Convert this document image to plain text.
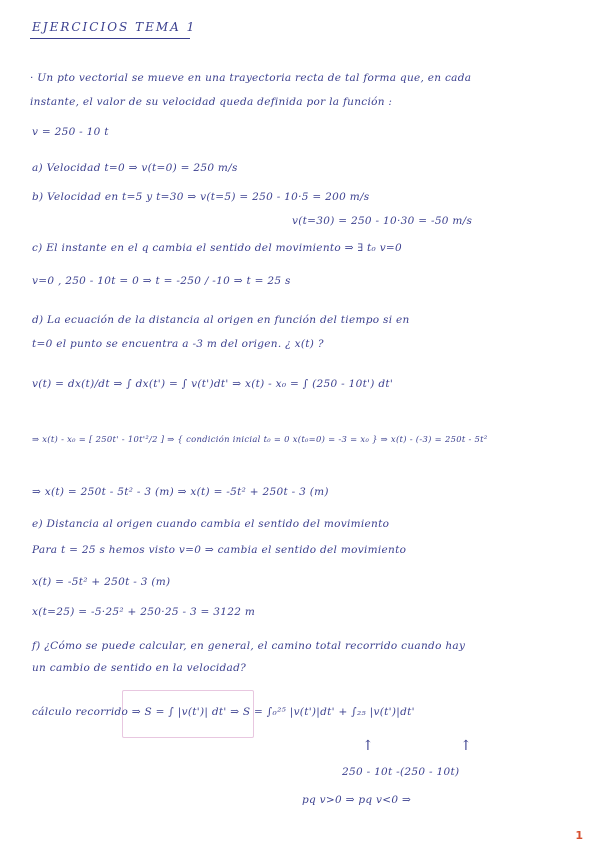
EJERCICIOS TEMA 1
· Un pto vectorial se mueve en una trayectoria recta de tal forma que, en cada
instante, el valor de su velocidad queda definida por la función :
v = 250 - 10 t
a) Velocidad t=0 ⇒ v(t=0) = 250 m/s
b) Velocidad en t=5 y t=30 ⇒ v(t=5) = 250 - 10·5 = 200 m/s
v(t=30) = 250 - 10·30 = -50 m/s
c) El instante en el q cambia el sentido del movimiento ⇒ ∃ t₀ v=0
v=0 , 250 - 10t = 0 ⇒ t = -250 / -10 ⇒ t = 25 s
d) La ecuación de la distancia al origen en función del tiempo si en
t=0 el punto se encuentra a -3 m del origen. ¿ x(t) ?
v(t) = dx(t)/dt ⇒ ∫ dx(t') = ∫ v(t')dt' ⇒ x(t) - x₀ = ∫ (250 - 10t') dt'
⇒ x(t) - x₀ = [ 250t' - 10t'²/2 ] ⇒ { condición inicial t₀ = 0 x(t₀=0) = -3 = x₀ } ⇒ x(t) - (-3) = 250t - 5t²
⇒ x(t) = 250t - 5t² - 3 (m) ⇒ x(t) = -5t² + 250t - 3 (m)
e) Distancia al origen cuando cambia el sentido del movimiento
Para t = 25 s hemos visto v=0 ⇒ cambia el sentido del movimiento
x(t) = -5t² + 250t - 3 (m)
x(t=25) = -5·25² + 250·25 - 3 = 3122 m
f) ¿Cómo se puede calcular, en general, el camino total recorrido cuando hay
un cambio de sentido en la velocidad?
cálculo recorrido ⇒ S = ∫ |v(t')| dt' ⇒ S = ∫₀²⁵ |v(t')|dt' + ∫₂₅ |v(t')|dt'
↑	↑
250 - 10t -(250 - 10t)
pq v>0 ⇒ pq v<0 ⇒
1
